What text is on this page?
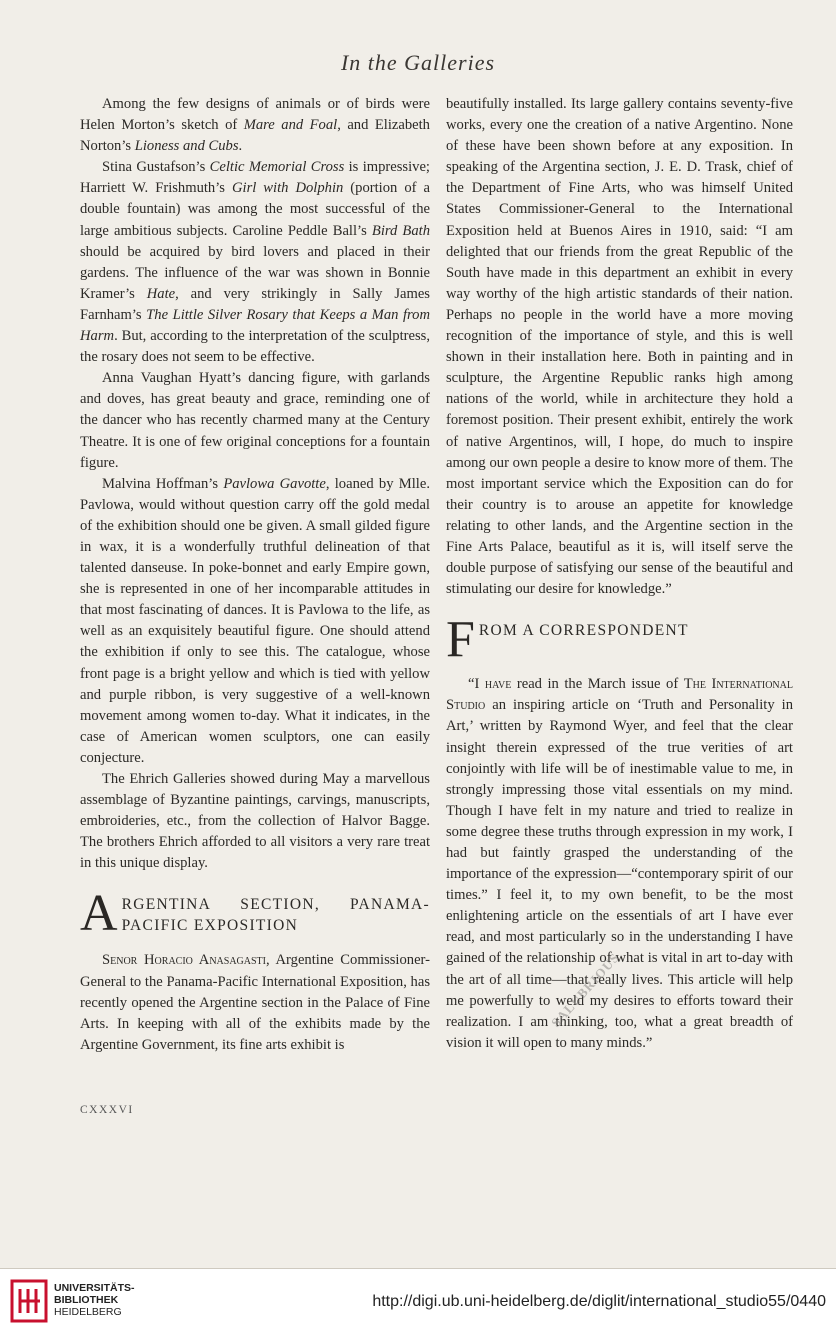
In the Galleries

Among the few designs of animals or of birds were Helen Morton’s sketch of Mare and Foal, and Elizabeth Norton’s Lioness and Cubs.

Stina Gustafson’s Celtic Memorial Cross is impressive; Harriett W. Frishmuth’s Girl with Dolphin (portion of a double fountain) was among the most successful of the large ambitious subjects. Caroline Peddle Ball’s Bird Bath should be acquired by bird lovers and placed in their gardens. The influence of the war was shown in Bonnie Kramer’s Hate, and very strikingly in Sally James Farnham’s The Little Silver Rosary that Keeps a Man from Harm. But, according to the interpretation of the sculptress, the rosary does not seem to be effective.

Anna Vaughan Hyatt’s dancing figure, with garlands and doves, has great beauty and grace, reminding one of the dancer who has recently charmed many at the Century Theatre. It is one of few original conceptions for a fountain figure.

Malvina Hoffman’s Pavlowa Gavotte, loaned by Mlle. Pavlowa, would without question carry off the gold medal of the exhibition should one be given. A small gilded figure in wax, it is a wonderfully truthful delineation of that talented danseuse. In poke-bonnet and early Empire gown, she is represented in one of her incomparable attitudes in that most fascinating of dances. It is Pavlowa to the life, as well as an exquisitely beautiful figure. One should attend the exhibition if only to see this. The catalogue, whose front page is a bright yellow and which is tied with yellow and purple ribbon, is very suggestive of a well-known movement among women to-day. What it indicates, in the case of American women sculptors, one can easily conjecture.

The Ehrich Galleries showed during May a marvellous assemblage of Byzantine paintings, carvings, manuscripts, embroideries, etc., from the collection of Halvor Bagge. The brothers Ehrich afforded to all visitors a very rare treat in this unique display.

A RGENTINA SECTION, PANAMA-PACIFIC EXPOSITION

Senor Horacio Anasagasti, Argentine Commissioner-General to the Panama-Pacific International Exposition, has recently opened the Argentine section in the Palace of Fine Arts. In keeping with all of the exhibits made by the Argentine Government, its fine arts exhibit is

beautifully installed. Its large gallery contains seventy-five works, every one the creation of a native Argentino. None of these have been shown before at any exposition. In speaking of the Argentina section, J. E. D. Trask, chief of the Department of Fine Arts, who was himself United States Commissioner-General to the International Exposition held at Buenos Aires in 1910, said: “I am delighted that our friends from the great Republic of the South have made in this department an exhibit in every way worthy of the high artistic standards of their nation. Perhaps no people in the world have a more moving recognition of the importance of style, and this is well shown in their installation here. Both in painting and in sculpture, the Argentine Republic ranks high among nations of the world, while in architecture they hold a foremost position. Their present exhibit, entirely the work of native Argentinos, will, I hope, do much to inspire among our own people a desire to know more of them. The most important service which the Exposition can do for their country is to arouse an appetite for knowledge relating to other lands, and the Argentine section in the Fine Arts Palace, beautiful as it is, will itself serve the double purpose of satisfying our sense of the beautiful and stimulating our desire for knowledge.”

F ROM A CORRESPONDENT

“I have read in the March issue of The International Studio an inspiring article on ‘Truth and Personality in Art,’ written by Raymond Wyer, and feel that the clear insight therein expressed of the true verities of art conjointly with life will be of inestimable value to me, in strongly impressing those vital essentials on my mind. Though I have felt in my nature and tried to realize in some degree these truths through expression in my work, I had but faintly grasped the understanding of the importance of the expression—“contemporary spirit of our times.” I feel it, to my own benefit, to be the most enlightening article on the essentials of art I have ever read, and most particularly so in the understanding I have gained of the relationship of what is vital in art to-day with the art of all time—that really lives. This article will help me powerfully to weld my desires to efforts toward their realization. I am thinking, too, what a great breadth of vision it will open to many minds.”

CXXXVI
SALUBRIOUS
UNIVERSITÄTS-
BIBLIOTHEK
HEIDELBERG
http://digi.ub.uni-heidelberg.de/diglit/international_studio55/0440
